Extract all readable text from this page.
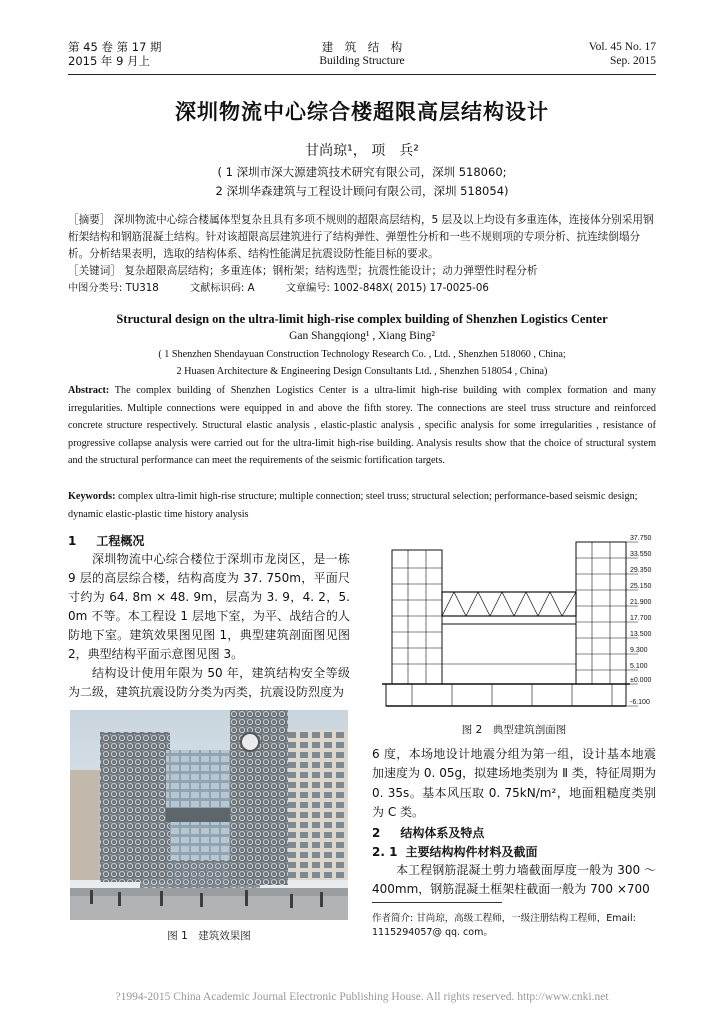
第 45 卷 第 17 期
2015 年 9 月上
建　筑　结　构
Building Structure
Vol. 45 No. 17
Sep. 2015
深圳物流中心综合楼超限高层结构设计
甘尚琼¹， 项　兵²
( 1 深圳市深大源建筑技术研究有限公司，深圳 518060;
2 深圳华森建筑与工程设计顾问有限公司，深圳 518054)
［摘要］ 深圳物流中心综合楼属体型复杂且具有多项不规则的超限高层结构，5 层及以上均设有多重连体，连接体分别采用钢桁架结构和钢筋混凝土结构。针对该超限高层建筑进行了结构弹性、弹塑性分析和一些不规则项的专项分析、抗连续倒塌分析。分析结果表明，选取的结构体系、结构性能满足抗震设防性能目标的要求。
［关键词］ 复杂超限高层结构；多重连体；钢桁架；结构选型；抗震性能设计；动力弹塑性时程分析
中图分类号: TU318	文献标识码: A	文章编号: 1002-848X( 2015) 17-0025-06
Structural design on the ultra-limit high-rise complex building of Shenzhen Logistics Center
Gan Shangqiong¹ , Xiang Bing²
( 1 Shenzhen Shendayuan Construction Technology Research Co. , Ltd. , Shenzhen 518060 , China;
2 Huasen Architecture & Engineering Design Consultants Ltd. , Shenzhen 518054 , China)
Abstract: The complex building of Shenzhen Logistics Center is a ultra-limit high-rise building with complex formation and many irregularities. Multiple connections were equipped in and above the fifth storey. The connections are steel truss structure and reinforced concrete structure respectively. Structural elastic analysis , elastic-plastic analysis , specific analysis for some irregularities , resistance of progressive collapse analysis were carried out for the ultra-limit high-rise building. Analysis results show that the choice of structural system and the structural performance can meet the requirements of the seismic fortification targets.
Keywords: complex ultra-limit high-rise structure; multiple connection; steel truss; structural selection; performance-based seismic design; dynamic elastic-plastic time history analysis
1 工程概况
深圳物流中心综合楼位于深圳市龙岗区，是一栋 9 层的高层综合楼，结构高度为 37. 750m，平面尺寸约为 64. 8m × 48. 9m，层高为 3. 9，4. 2，5. 0m 不等。本工程设 1 层地下室，为平、战结合的人防地下室。建筑效果图见图 1，典型建筑剖面图见图 2，典型结构平面示意图见图 3。
结构设计使用年限为 50 年，建筑结构安全等级为二级，建筑抗震设防分类为丙类，抗震设防烈度为
图 1　建筑效果图
37.750
33.550
29.350
25.150
21.900
17.700
13.500
9.300
5.100
±0.000
-6.100
图 2　典型建筑剖面图
6 度，本场地设计地震分组为第一组，设计基本地震加速度为 0. 05g，拟建场地类别为 Ⅱ 类，特征周期为 0. 35s。基本风压取 0. 75kN/m²，地面粗糙度类别为 C 类。
2 结构体系及特点
2. 1 主要结构构件材料及截面
本工程钢筋混凝土剪力墙截面厚度一般为 300 ～400mm，钢筋混凝土框架柱截面一般为 700 ×700
作者简介: 甘尚琼，高级工程师，一级注册结构工程师，Email: 1115294057@ qq. com。
?1994-2015 China Academic Journal Electronic Publishing House. All rights reserved. http://www.cnki.net
